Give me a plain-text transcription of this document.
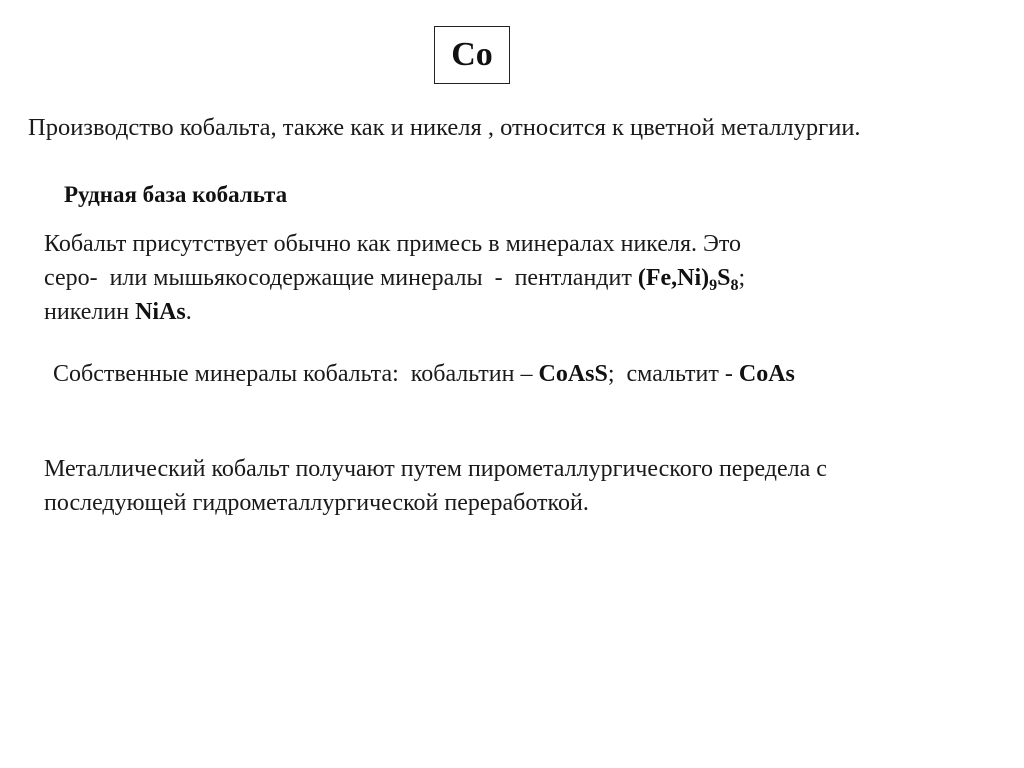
Co
Производство кобальта, также как и никеля , относится к цветной металлургии.
Рудная база кобальта
Кобальт присутствует обычно как примесь в минералах никеля. Это
серо-  или мышьякосодержащие минералы  -  пентландит $(Fe,Ni)_9S_8$;
никелин NiAs.
Собственные минералы кобальта:  кобальтин – CoAsS;  смальтит - CoAs
Металлический кобальт получают путем пирометаллургического передела с
последующей гидрометаллургической переработкой.
